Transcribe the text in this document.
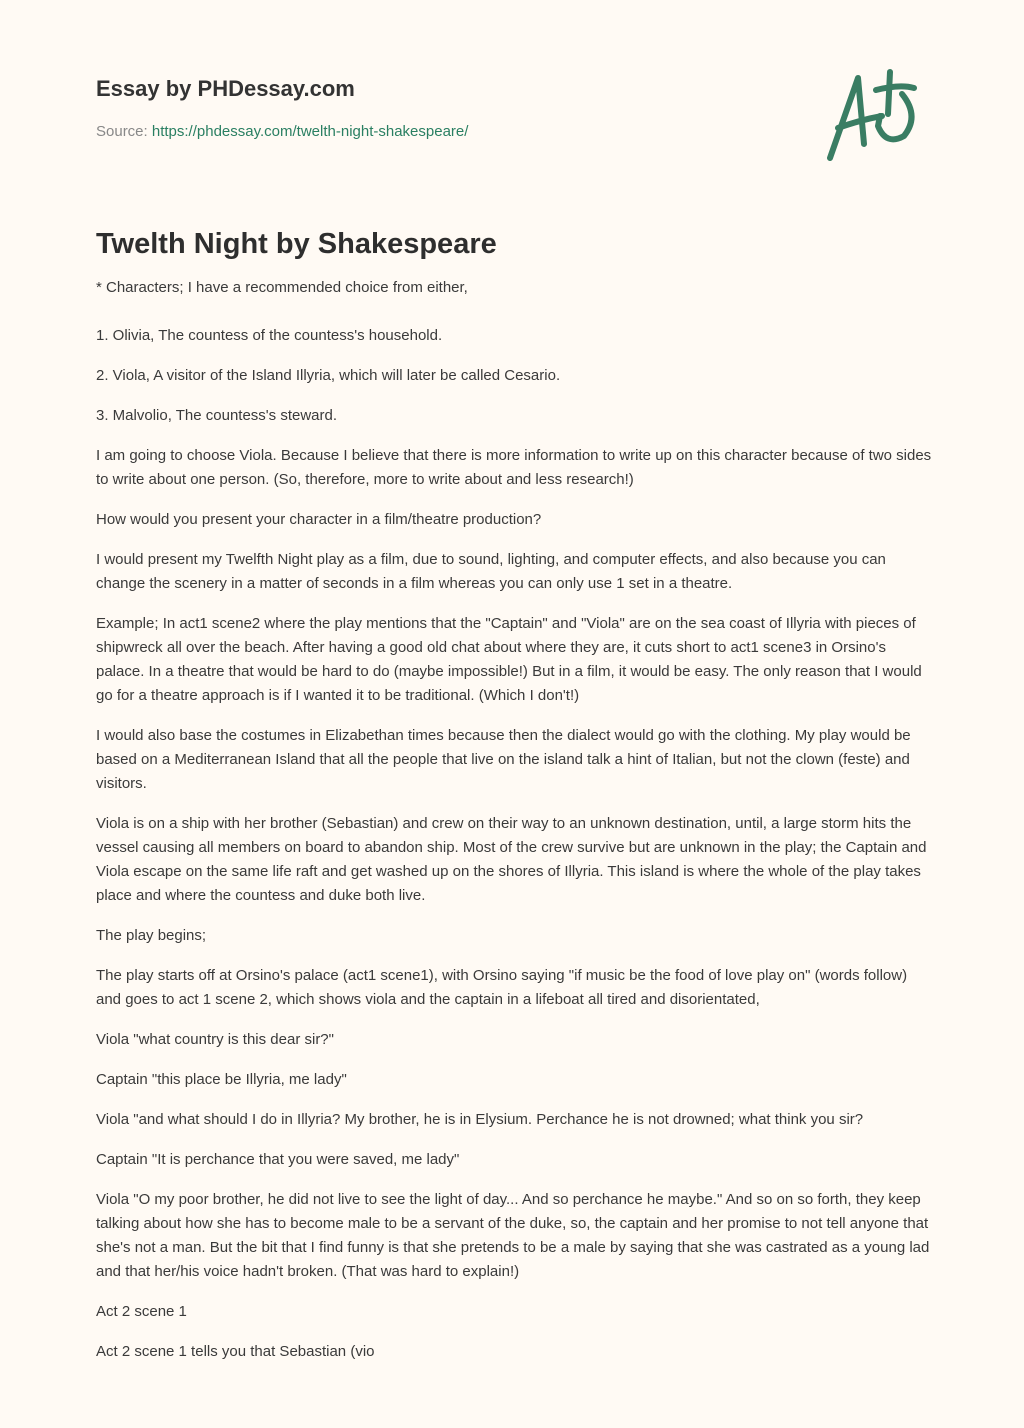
Essay by PHDessay.com
Source: https://phdessay.com/twelth-night-shakespeare/
Twelth Night by Shakespeare

* Characters; I have a recommended choice from either,

1. Olivia, The countess of the countess's household.

2. Viola, A visitor of the Island Illyria, which will later be called Cesario.

3. Malvolio, The countess's steward.

I am going to choose Viola. Because I believe that there is more information to write up on this character because of two sides to write about one person. (So, therefore, more to write about and less research!)

How would you present your character in a film/theatre production?

I would present my Twelfth Night play as a film, due to sound, lighting, and computer effects, and also because you can change the scenery in a matter of seconds in a film whereas you can only use 1 set in a theatre.

Example; In act1 scene2 where the play mentions that the "Captain" and "Viola" are on the sea coast of Illyria with pieces of shipwreck all over the beach. After having a good old chat about where they are, it cuts short to act1 scene3 in Orsino's palace. In a theatre that would be hard to do (maybe impossible!) But in a film, it would be easy. The only reason that I would go for a theatre approach is if I wanted it to be traditional. (Which I don't!)

I would also base the costumes in Elizabethan times because then the dialect would go with the clothing. My play would be based on a Mediterranean Island that all the people that live on the island talk a hint of Italian, but not the clown (feste) and visitors.

Viola is on a ship with her brother (Sebastian) and crew on their way to an unknown destination, until, a large storm hits the vessel causing all members on board to abandon ship. Most of the crew survive but are unknown in the play; the Captain and Viola escape on the same life raft and get washed up on the shores of Illyria. This island is where the whole of the play takes place and where the countess and duke both live.

The play begins;

The play starts off at Orsino's palace (act1 scene1), with Orsino saying "if music be the food of love play on" (words follow) and goes to act 1 scene 2, which shows viola and the captain in a lifeboat all tired and disorientated,

Viola "what country is this dear sir?"

Captain "this place be Illyria, me lady"

Viola "and what should I do in Illyria? My brother, he is in Elysium. Perchance he is not drowned; what think you sir?

Captain "It is perchance that you were saved, me lady"

Viola "O my poor brother, he did not live to see the light of day... And so perchance he maybe." And so on so forth, they keep talking about how she has to become male to be a servant of the duke, so, the captain and her promise to not tell anyone that she's not a man. But the bit that I find funny is that she pretends to be a male by saying that she was castrated as a young lad and that her/his voice hadn't broken. (That was hard to explain!)

Act 2 scene 1

Act 2 scene 1 tells you that Sebastian (vio
